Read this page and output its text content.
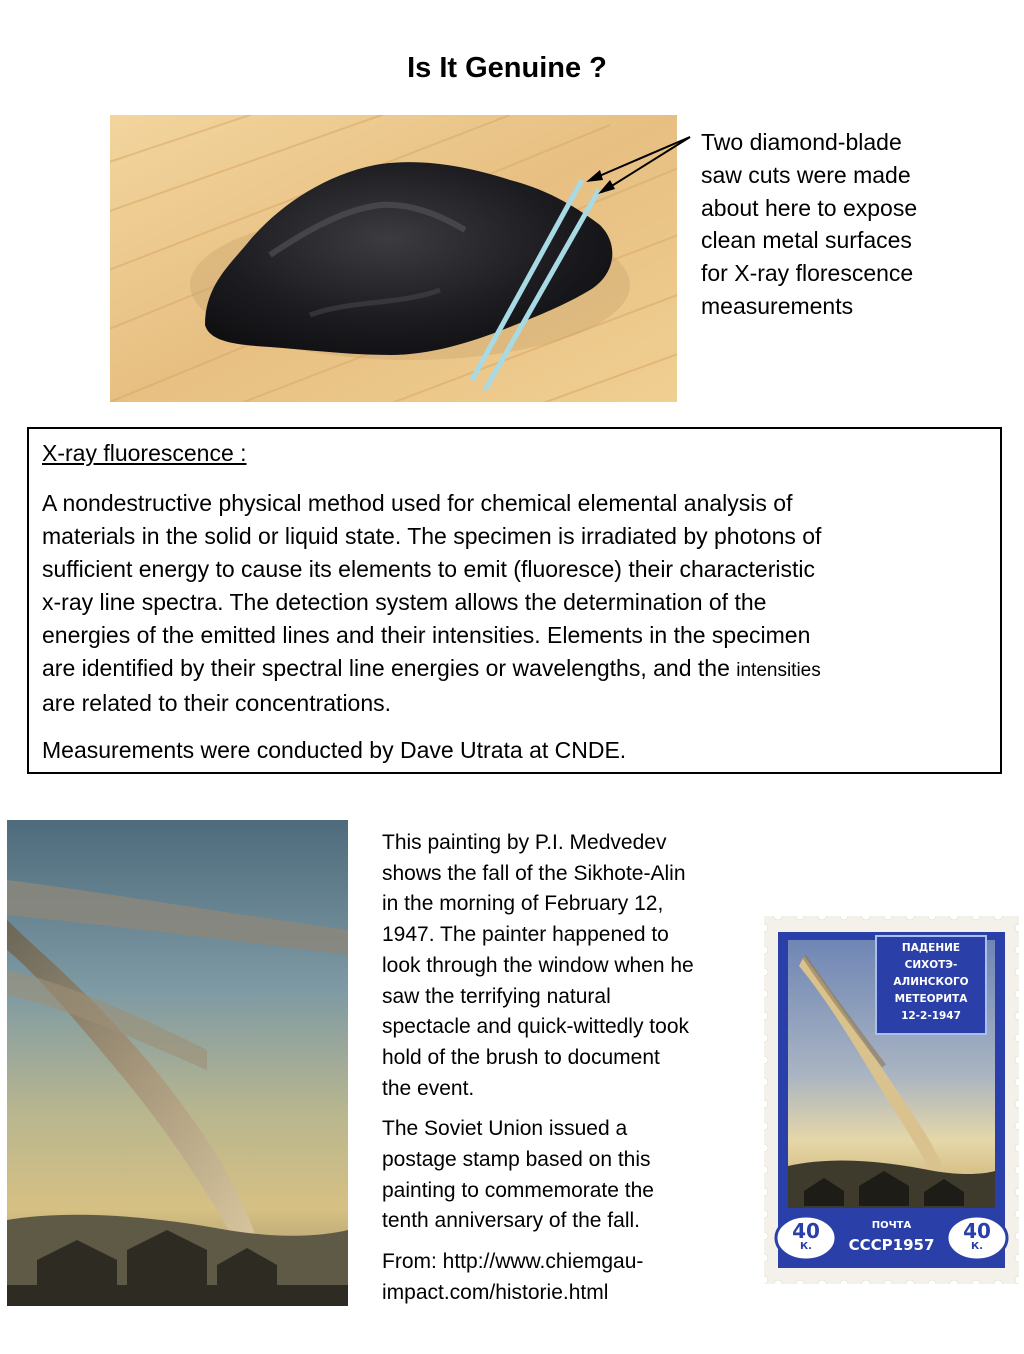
Is It Genuine ?
Two diamond-blade
saw cuts were made
about here to expose
clean metal surfaces
for X-ray florescence
measurements
X-ray fluorescence :
A nondestructive physical method used for chemical elemental analysis of
materials in the solid or liquid state. The specimen is irradiated by photons of
sufficient energy to cause its elements to emit (fluoresce) their characteristic
x-ray line spectra. The detection system allows the determination of the
energies of the emitted lines and their intensities. Elements in the specimen
are identified by their spectral line energies or wavelengths, and the intensities
are related to their concentrations.
Measurements were conducted by Dave Utrata at CNDE.

This painting by P.I. Medvedev
shows the fall of the Sikhote-Alin
in the morning of February 12,
1947. The painter happened to
look through the window when he
saw the terrifying natural
spectacle and quick-wittedly took
hold of the brush to document
the event.

The Soviet Union issued a
postage stamp based on this
painting to commemorate the
tenth anniversary of the fall.

From: http://www.chiemgau-
impact.com/historie.html

ПАДЕНИЕ
СИХОТЭ-
АЛИНСКОГО
МЕТЕОРИТА
12-2-1947
40
К.
40
К.
ПОЧТА
СССР1957
